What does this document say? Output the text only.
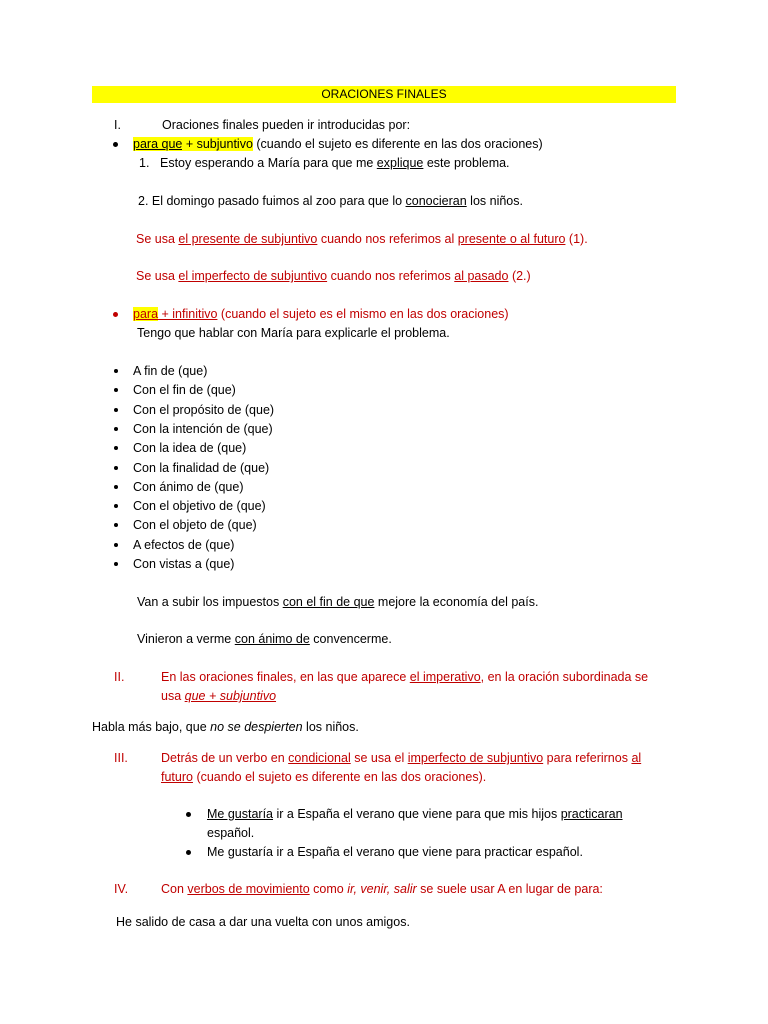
ORACIONES FINALES
I.	Oraciones finales pueden ir introducidas por:
para que + subjuntivo (cuando el sujeto es diferente en las dos oraciones)
1. Estoy esperando a María para que me explique este problema.
2. El domingo pasado fuimos al zoo para que lo conocieran los niños.
Se usa el presente de subjuntivo cuando nos referimos al presente o al futuro (1).
Se usa el imperfecto de subjuntivo cuando nos referimos al pasado (2.)
para + infinitivo (cuando el sujeto es el mismo en las dos oraciones)
Tengo que hablar con María para explicarle el problema.
A fin de (que)
Con el fin de (que)
Con el propósito de (que)
Con la intención de (que)
Con la idea de (que)
Con la finalidad de (que)
Con ánimo de (que)
Con el objetivo de (que)
Con el objeto de (que)
A efectos de (que)
Con vistas a (que)
Van a subir los impuestos con el fin de que mejore la economía del país.
Vinieron a verme con ánimo de convencerme.
II.	En las oraciones finales, en las que aparece el imperativo, en la oración subordinada se
usa que + subjuntivo
Habla más bajo, que no se despierten los niños.
III.	Detrás de un verbo en condicional se usa el imperfecto de subjuntivo para referirnos al
futuro (cuando el sujeto es diferente en las dos oraciones).
Me gustaría ir a España el verano que viene para que mis hijos practicaran
español.
Me gustaría ir a España el verano que viene para practicar español.
IV.	Con verbos de movimiento como ir, venir, salir se suele usar A en lugar de para:
He salido de casa a dar una vuelta con unos amigos.
